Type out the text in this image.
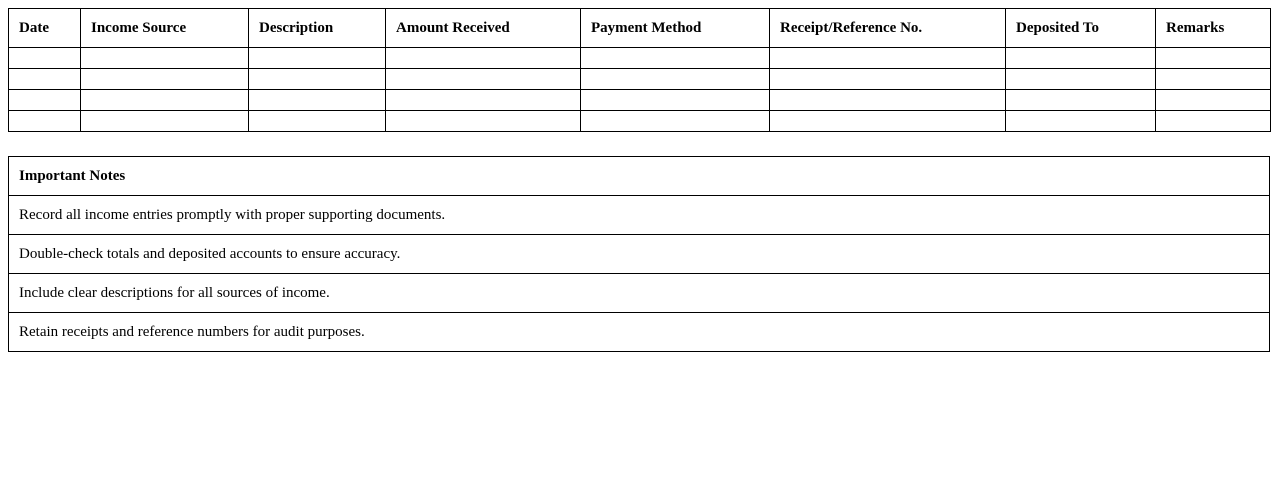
Date	Income Source	Description	Amount Received	Payment Method	Receipt/Reference No.	Deposited To	Remarks

Important Notes
Record all income entries promptly with proper supporting documents.
Double-check totals and deposited accounts to ensure accuracy.
Include clear descriptions for all sources of income.
Retain receipts and reference numbers for audit purposes.
